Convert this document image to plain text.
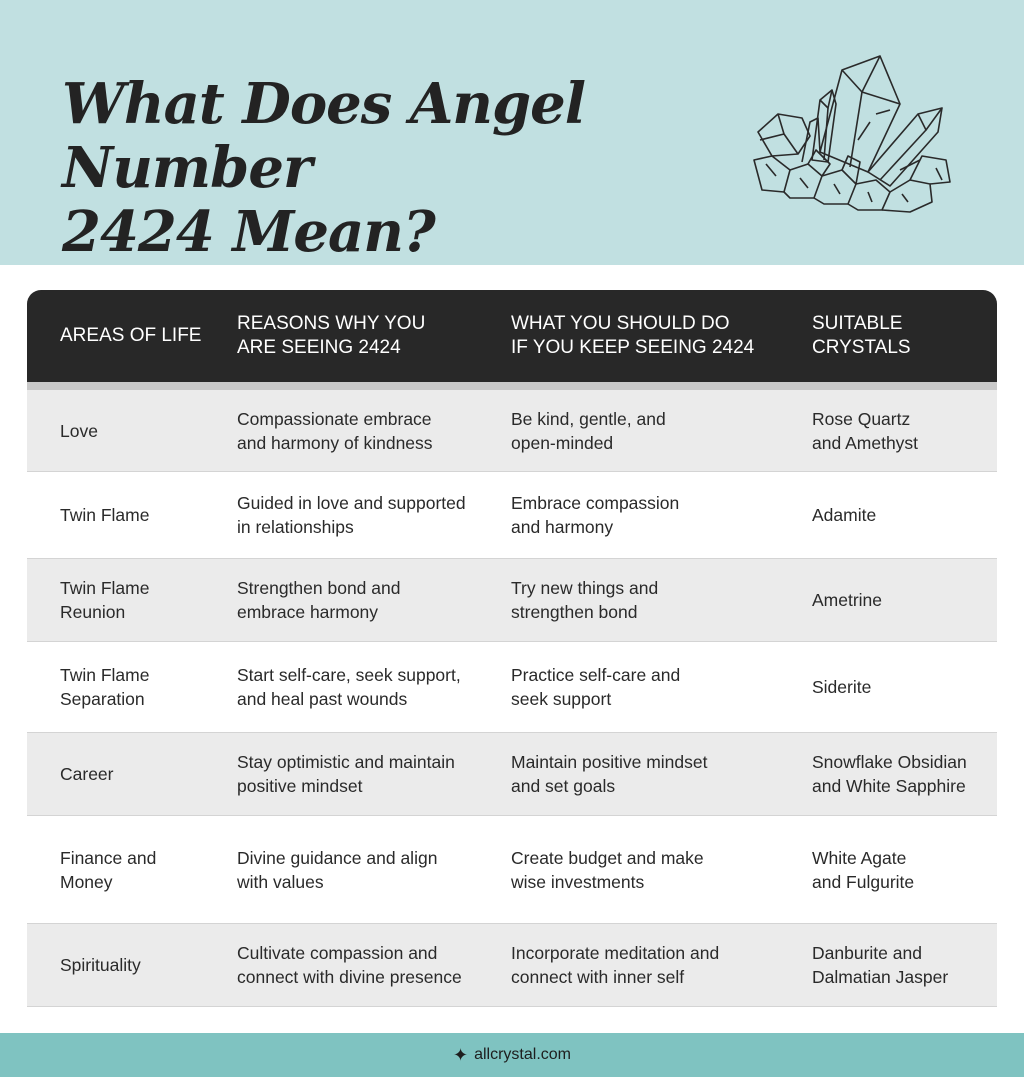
What Does Angel Number
2424 Mean?
AREAS OF LIFE
REASONS WHY YOU
ARE SEEING 2424
WHAT YOU SHOULD DO
IF YOU KEEP SEEING 2424
SUITABLE
CRYSTALS
Love
Compassionate embrace
and harmony of kindness
Be kind, gentle, and
open-minded
Rose Quartz
and Amethyst
Twin Flame
Guided in love and supported
in relationships
Embrace compassion
and harmony
Adamite
Twin Flame
Reunion
Strengthen bond and
embrace harmony
Try new things and
strengthen bond
Ametrine
Twin Flame
Separation
Start self-care, seek support,
and heal past wounds
Practice self-care and
seek support
Siderite
Career
Stay optimistic and maintain
positive mindset
Maintain positive mindset
and set goals
Snowflake Obsidian
and White Sapphire
Finance and
Money
Divine guidance and align
with values
Create budget and make
wise investments
White Agate
and Fulgurite
Spirituality
Cultivate compassion and
connect with divine presence
Incorporate meditation and
connect with inner self
Danburite and
Dalmatian Jasper
✦ allcrystal.com
